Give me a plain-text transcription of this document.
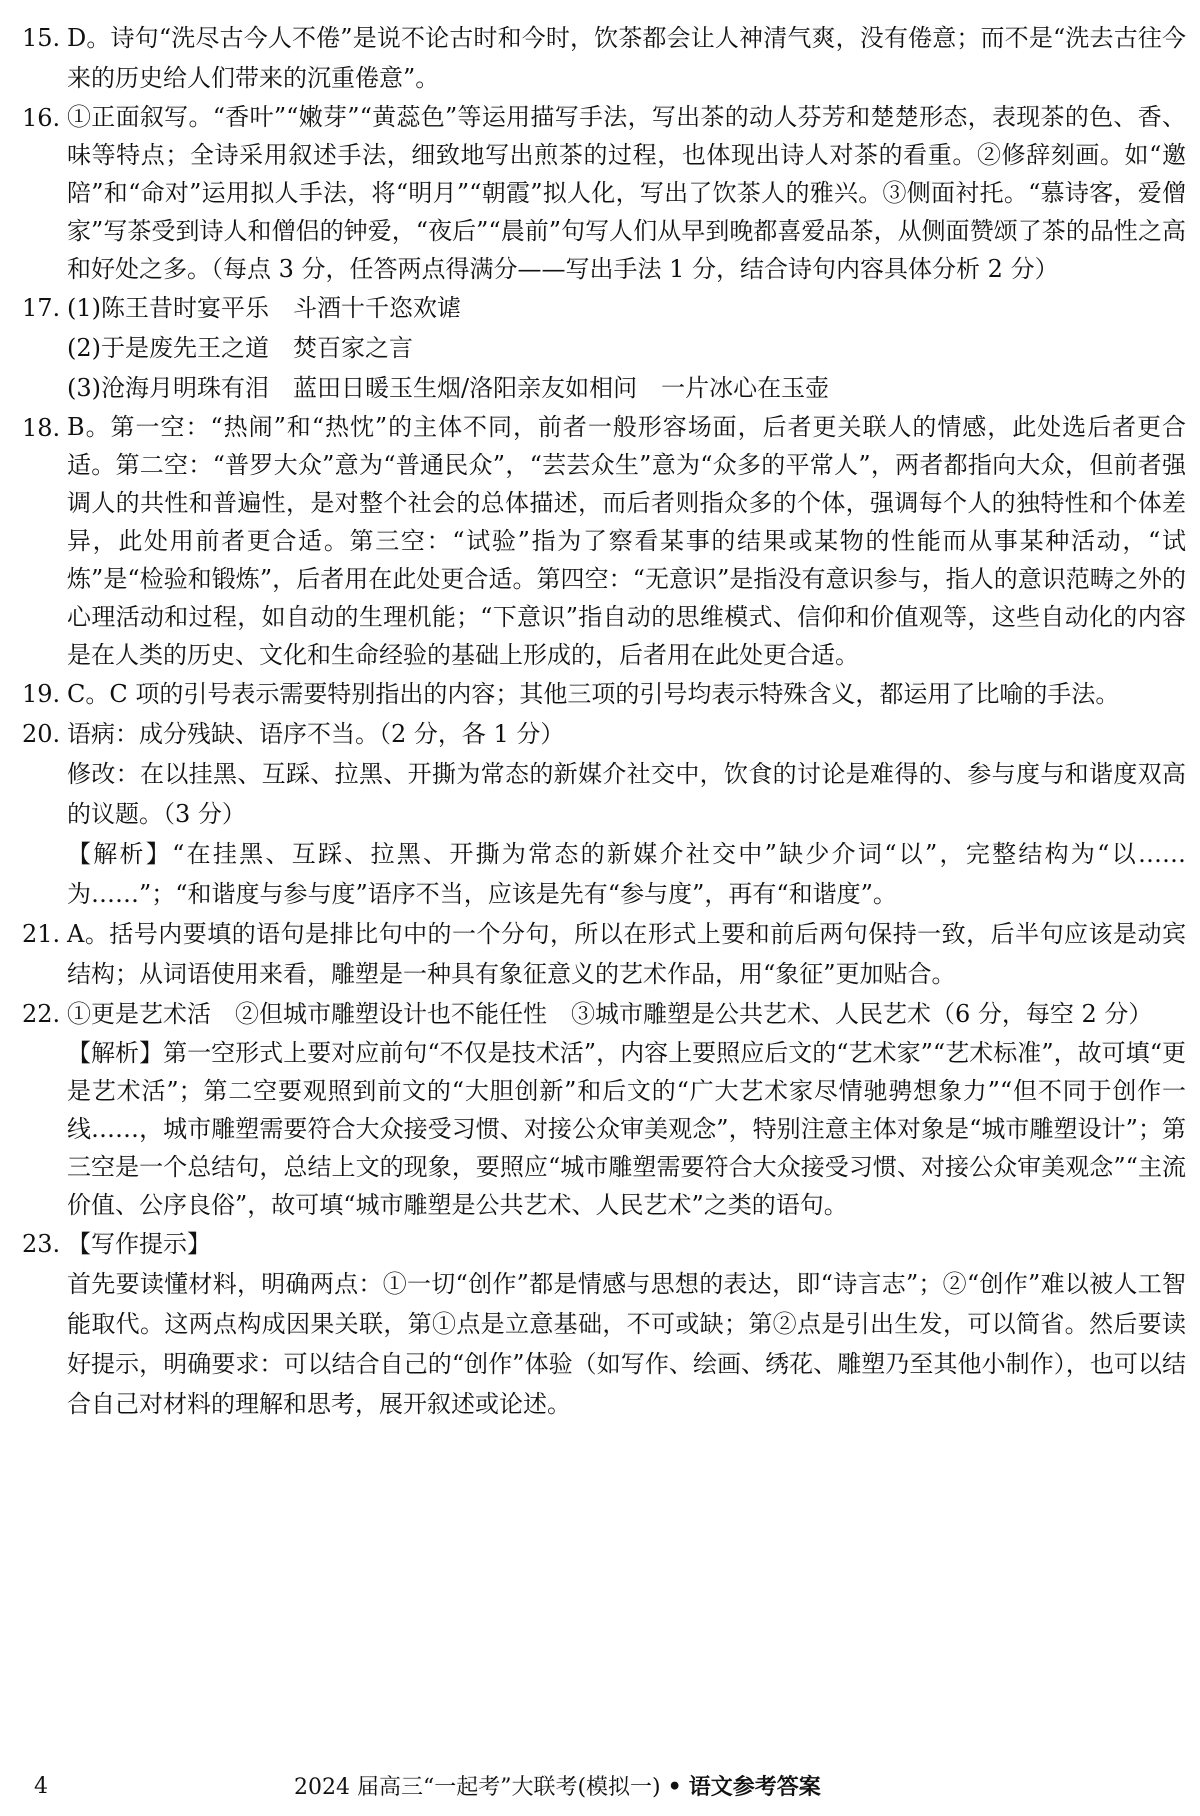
15. D。诗句“洗尽古今人不倦”是说不论古时和今时，饮茶都会让人神清气爽，没有倦意；而不是“洗去古往今来的历史给人们带来的沉重倦意”。

16. ①正面叙写。“香叶”“嫩芽”“黄蕊色”等运用描写手法，写出茶的动人芬芳和楚楚形态，表现茶的色、香、味等特点；全诗采用叙述手法，细致地写出煎茶的过程，也体现出诗人对茶的看重。②修辞刻画。如“邀陪”和“命对”运用拟人手法，将“明月”“朝霞”拟人化，写出了饮茶人的雅兴。③侧面衬托。“慕诗客，爱僧家”写茶受到诗人和僧侣的钟爱，“夜后”“晨前”句写人们从早到晚都喜爱品茶，从侧面赞颂了茶的品性之高和好处之多。（每点 3 分，任答两点得满分——写出手法 1 分，结合诗句内容具体分析 2 分）

17. (1)陈王昔时宴平乐　斗酒十千恣欢谑

(2)于是废先王之道　焚百家之言

(3)沧海月明珠有泪　蓝田日暖玉生烟/洛阳亲友如相问　一片冰心在玉壶

18. B。第一空：“热闹”和“热忱”的主体不同，前者一般形容场面，后者更关联人的情感，此处选后者更合适。第二空：“普罗大众”意为“普通民众”，“芸芸众生”意为“众多的平常人”，两者都指向大众，但前者强调人的共性和普遍性，是对整个社会的总体描述，而后者则指众多的个体，强调每个人的独特性和个体差异，此处用前者更合适。第三空：“试验”指为了察看某事的结果或某物的性能而从事某种活动，“试炼”是“检验和锻炼”，后者用在此处更合适。第四空：“无意识”是指没有意识参与，指人的意识范畴之外的心理活动和过程，如自动的生理机能；“下意识”指自动的思维模式、信仰和价值观等，这些自动化的内容是在人类的历史、文化和生命经验的基础上形成的，后者用在此处更合适。

19. C。C 项的引号表示需要特别指出的内容；其他三项的引号均表示特殊含义，都运用了比喻的手法。

20. 语病：成分残缺、语序不当。（2 分，各 1 分）

修改：在以挂黑、互踩、拉黑、开撕为常态的新媒介社交中，饮食的讨论是难得的、参与度与和谐度双高的议题。（3 分）

【解析】“在挂黑、互踩、拉黑、开撕为常态的新媒介社交中”缺少介词“以”，完整结构为“以……为……”；“和谐度与参与度”语序不当，应该是先有“参与度”，再有“和谐度”。

21. A。括号内要填的语句是排比句中的一个分句，所以在形式上要和前后两句保持一致，后半句应该是动宾结构；从词语使用来看，雕塑是一种具有象征意义的艺术作品，用“象征”更加贴合。

22. ①更是艺术活　②但城市雕塑设计也不能任性　③城市雕塑是公共艺术、人民艺术（6 分，每空 2 分）

【解析】第一空形式上要对应前句“不仅是技术活”，内容上要照应后文的“艺术家”“艺术标准”，故可填“更是艺术活”；第二空要观照到前文的“大胆创新”和后文的“广大艺术家尽情驰骋想象力”“但不同于创作一线……，城市雕塑需要符合大众接受习惯、对接公众审美观念”，特别注意主体对象是“城市雕塑设计”；第三空是一个总结句，总结上文的现象，要照应“城市雕塑需要符合大众接受习惯、对接公众审美观念”“主流价值、公序良俗”，故可填“城市雕塑是公共艺术、人民艺术”之类的语句。

23. 【写作提示】

首先要读懂材料，明确两点：①一切“创作”都是情感与思想的表达，即“诗言志”；②“创作”难以被人工智能取代。这两点构成因果关联，第①点是立意基础，不可或缺；第②点是引出生发，可以简省。然后要读好提示，明确要求：可以结合自己的“创作”体验（如写作、绘画、绣花、雕塑乃至其他小制作），也可以结合自己对材料的理解和思考，展开叙述或论述。

4	2024 届高三“一起考”大联考(模拟一) • 语文参考答案
